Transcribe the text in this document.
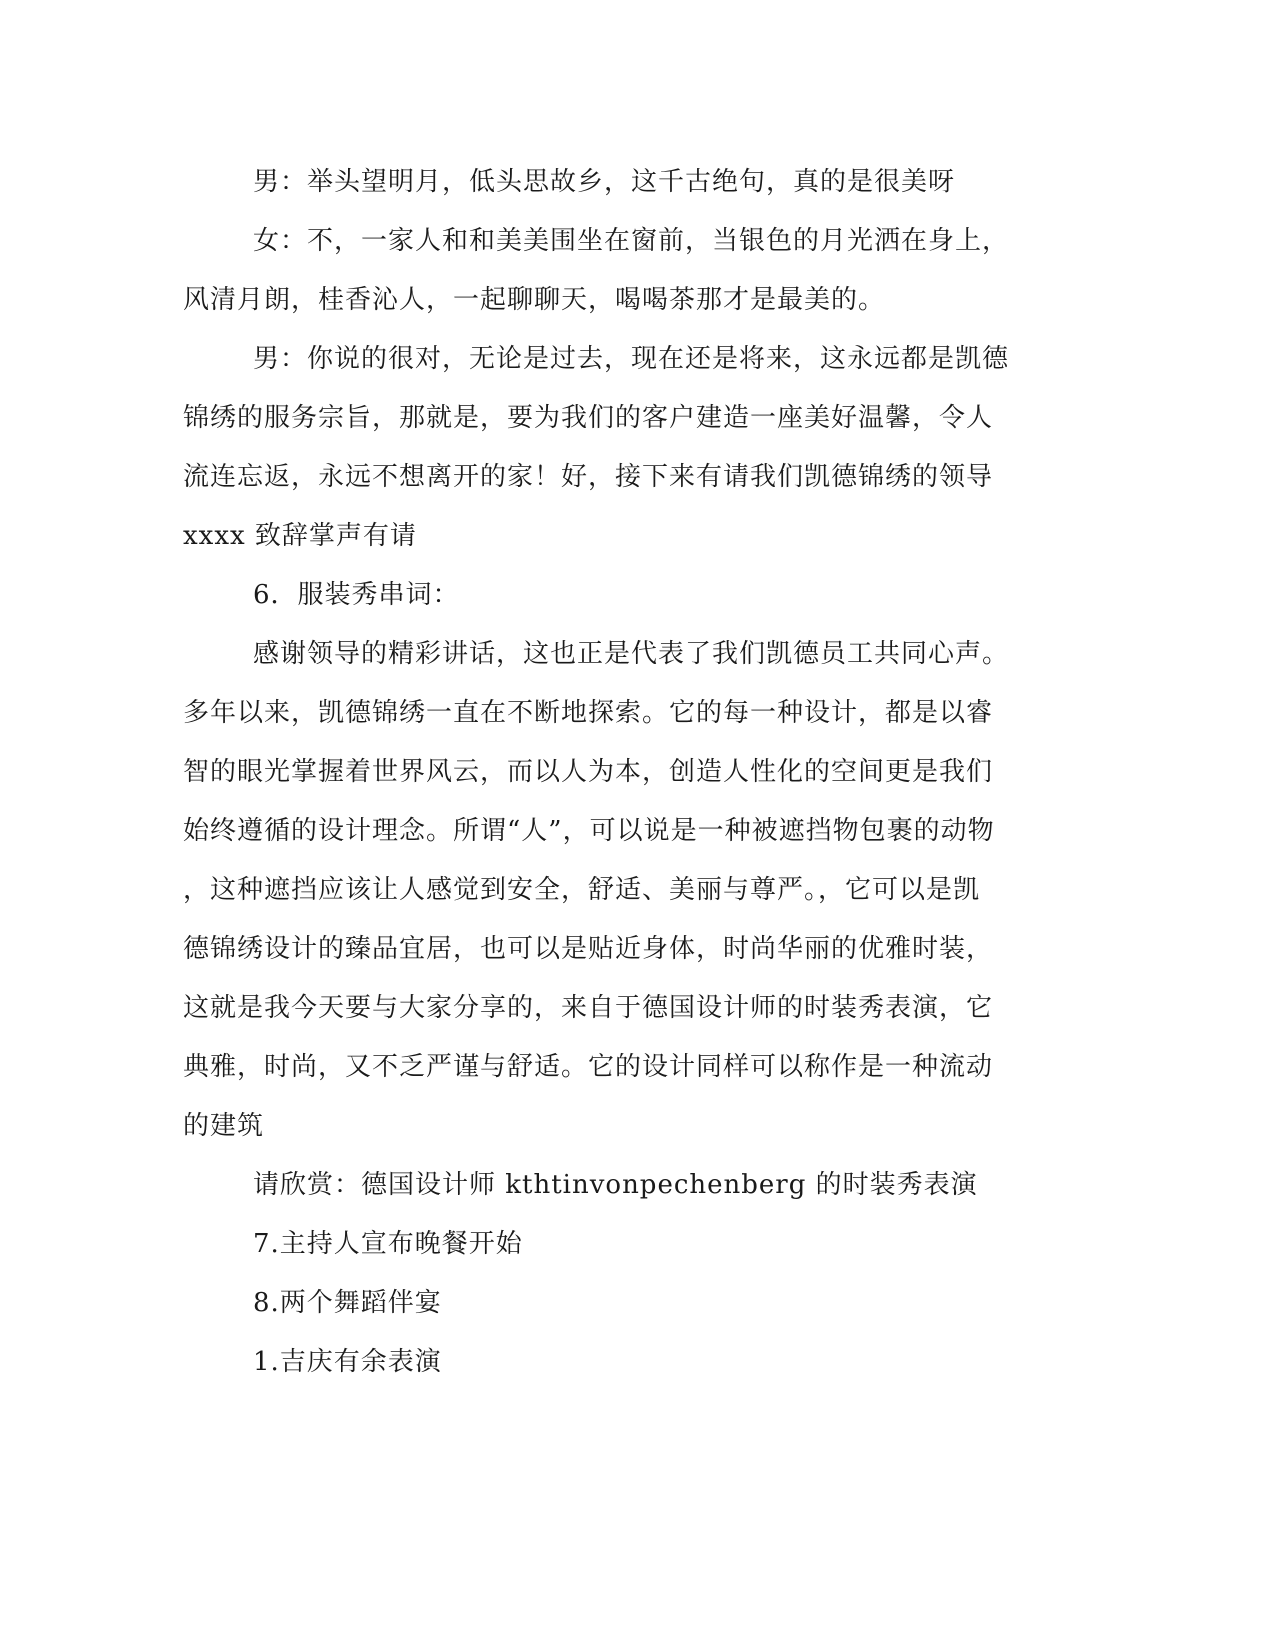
男：举头望明月，低头思故乡，这千古绝句，真的是很美呀
女：不，一家人和和美美围坐在窗前，当银色的月光洒在身上，
风清月朗，桂香沁人，一起聊聊天，喝喝茶那才是最美的。
男：你说的很对，无论是过去，现在还是将来，这永远都是凯德
锦绣的服务宗旨，那就是，要为我们的客户建造一座美好温馨，令人
流连忘返，永远不想离开的家！好，接下来有请我们凯德锦绣的领导
xxxx 致辞掌声有请
6．服装秀串词：
感谢领导的精彩讲话，这也正是代表了我们凯德员工共同心声。
多年以来，凯德锦绣一直在不断地探索。它的每一种设计，都是以睿
智的眼光掌握着世界风云，而以人为本，创造人性化的空间更是我们
始终遵循的设计理念。所谓“人”，可以说是一种被遮挡物包裹的动物
，这种遮挡应该让人感觉到安全，舒适、美丽与尊严。，它可以是凯
德锦绣设计的臻品宜居，也可以是贴近身体，时尚华丽的优雅时装，
这就是我今天要与大家分享的，来自于德国设计师的时装秀表演，它
典雅，时尚，又不乏严谨与舒适。它的设计同样可以称作是一种流动
的建筑
请欣赏：德国设计师 kthtinvonpechenberg 的时装秀表演
7.主持人宣布晚餐开始
8.两个舞蹈伴宴
1.吉庆有余表演
